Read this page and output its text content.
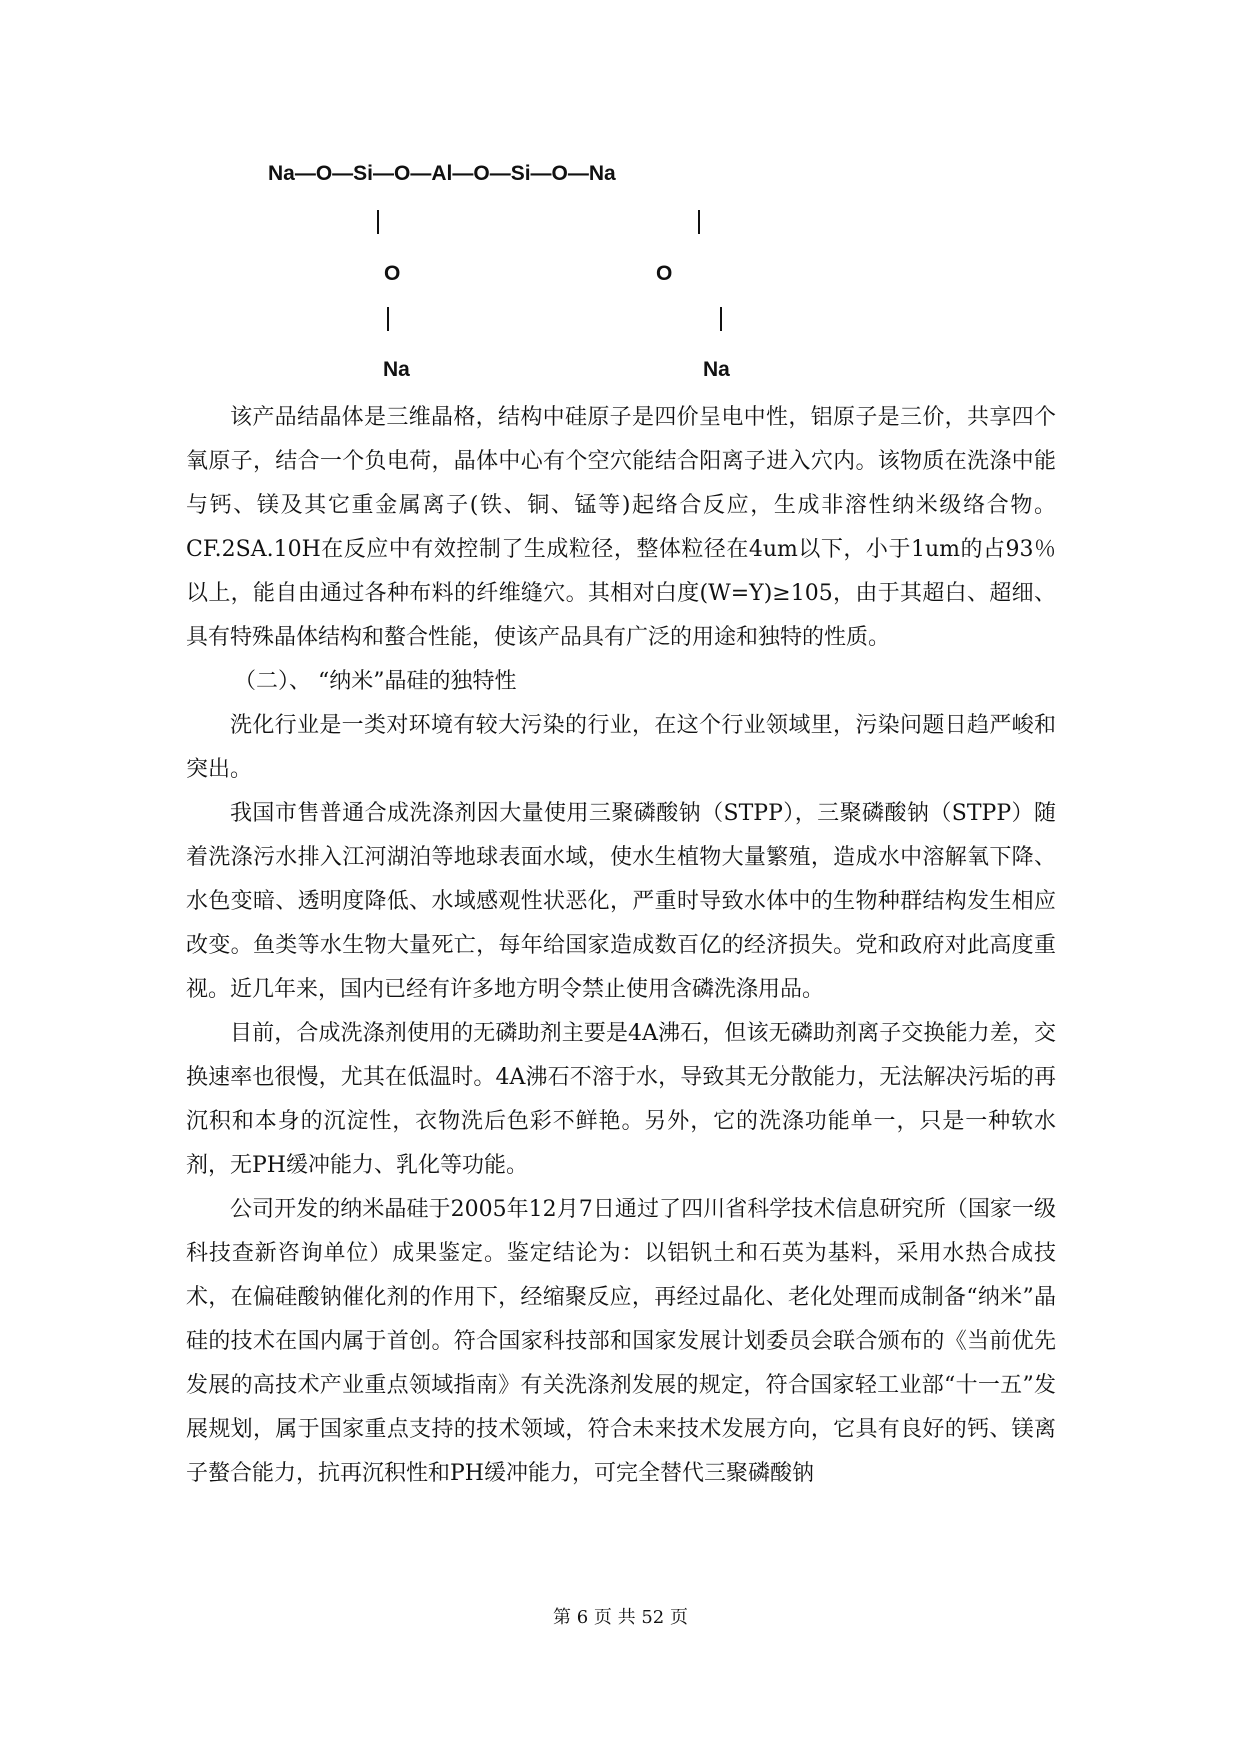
Na—O—Si—O—Al—O—Si—O—Na
O	O
Na	Na

该产品结晶体是三维晶格，结构中硅原子是四价呈电中性，铝原子是三价，共享四个氧原子，结合一个负电荷，晶体中心有个空穴能结合阳离子进入穴内。该物质在洗涤中能与钙、镁及其它重金属离子(铁、铜、锰等)起络合反应，生成非溶性纳米级络合物。CF.2SA.10H在反应中有效控制了生成粒径，整体粒径在4um以下，小于1um的占93％以上，能自由通过各种布料的纤维缝穴。其相对白度(W=Y)≥105，由于其超白、超细、具有特殊晶体结构和螯合性能，使该产品具有广泛的用途和独特的性质。

（二）、 “纳米”晶硅的独特性

洗化行业是一类对环境有较大污染的行业，在这个行业领域里，污染问题日趋严峻和突出。

我国市售普通合成洗涤剂因大量使用三聚磷酸钠（STPP），三聚磷酸钠（STPP）随着洗涤污水排入江河湖泊等地球表面水域，使水生植物大量繁殖，造成水中溶解氧下降、水色变暗、透明度降低、水域感观性状恶化，严重时导致水体中的生物种群结构发生相应改变。鱼类等水生物大量死亡，每年给国家造成数百亿的经济损失。党和政府对此高度重视。近几年来，国内已经有许多地方明令禁止使用含磷洗涤用品。

目前，合成洗涤剂使用的无磷助剂主要是4A沸石，但该无磷助剂离子交换能力差，交换速率也很慢，尤其在低温时。4A沸石不溶于水，导致其无分散能力，无法解决污垢的再沉积和本身的沉淀性，衣物洗后色彩不鲜艳。另外，它的洗涤功能单一，只是一种软水剂，无PH缓冲能力、乳化等功能。

公司开发的纳米晶硅于2005年12月7日通过了四川省科学技术信息研究所（国家一级科技查新咨询单位）成果鉴定。鉴定结论为：以铝钒土和石英为基料，采用水热合成技术，在偏硅酸钠催化剂的作用下，经缩聚反应，再经过晶化、老化处理而成制备“纳米”晶硅的技术在国内属于首创。符合国家科技部和国家发展计划委员会联合颁布的《当前优先发展的高技术产业重点领域指南》有关洗涤剂发展的规定，符合国家轻工业部“十一五”发展规划，属于国家重点支持的技术领域，符合未来技术发展方向，它具有良好的钙、镁离子螯合能力，抗再沉积性和PH缓冲能力，可完全替代三聚磷酸钠

第 6 页 共 52 页
